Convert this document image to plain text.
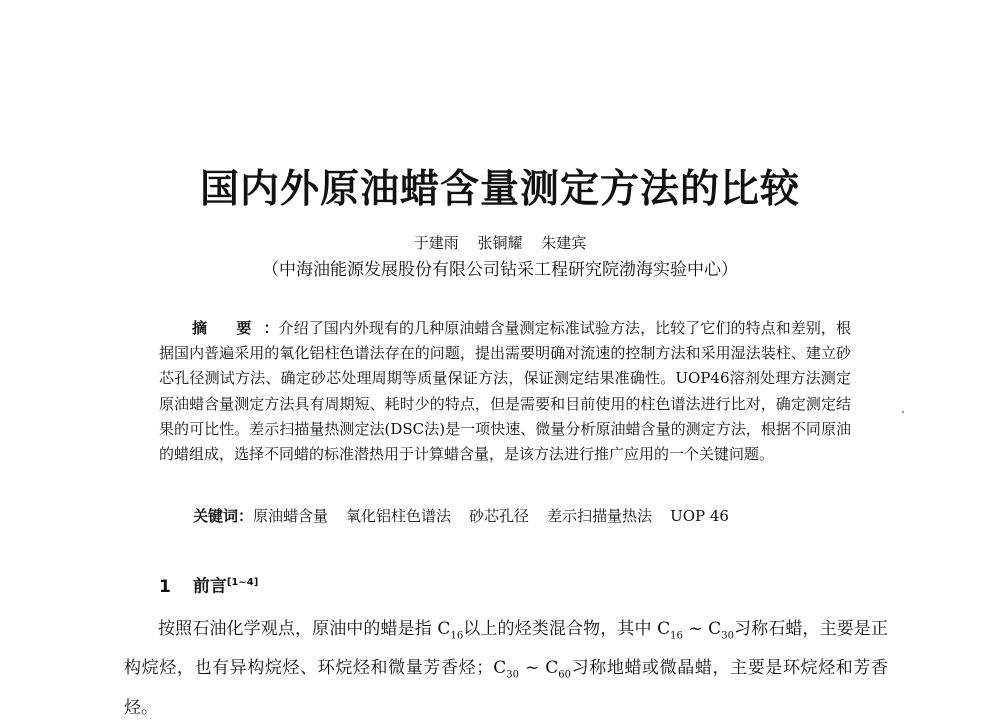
国内外原油蜡含量测定方法的比较
于建雨 张铜耀 朱建宾
（中海油能源发展股份有限公司钻采工程研究院渤海实验中心）

摘 要：介绍了国内外现有的几种原油蜡含量测定标准试验方法，比较了它们的特点和差别，根据国内普遍采用的氧化铝柱色谱法存在的问题，提出需要明确对流速的控制方法和采用湿法装柱、建立砂芯孔径测试方法、确定砂芯处理周期等质量保证方法，保证测定结果准确性。UOP46溶剂处理方法测定原油蜡含量测定方法具有周期短、耗时少的特点，但是需要和目前使用的柱色谱法进行比对，确定测定结果的可比性。差示扫描量热测定法(DSC法)是一项快速、微量分析原油蜡含量的测定方法，根据不同原油的蜡组成，选择不同蜡的标准潜热用于计算蜡含量，是该方法进行推广应用的一个关键问题。

关键词：原油蜡含量 氧化铝柱色谱法 砂芯孔径 差示扫描量热法 UOP 46
1 前言[1~4]

按照石油化学观点，原油中的蜡是指 $C_{16}$以上的烃类混合物，其中 $C_{16}$ ~ $C_{30}$习称石蜡，主要是正构烷烃，也有异构烷烃、环烷烃和微量芳香烃；$C_{30}$ ~ $C_{60}$习称地蜡或微晶蜡，主要是环烷烃和芳香烃。
